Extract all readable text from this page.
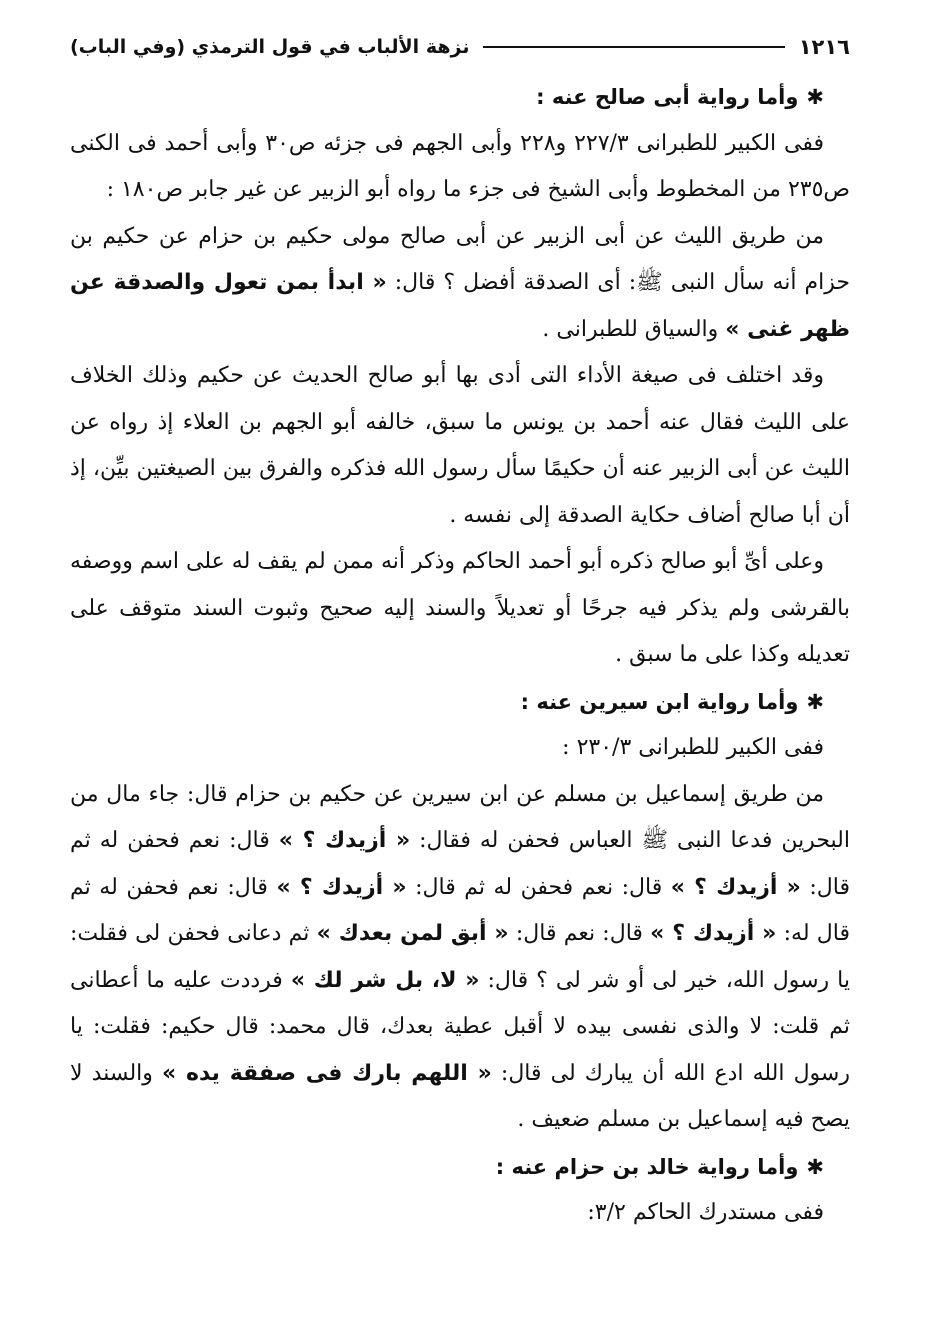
١٢١٦
نزهة الألباب في قول الترمذي (وفي الباب)

✱وأما رواية أبى صالح عنه :

ففى الكبير للطبرانى ٢٢٧/٣ و٢٢٨ وأبى الجهم فى جزئه ص٣٠ وأبى أحمد فى الكنى ص٢٣٥ من المخطوط وأبى الشيخ فى جزء ما رواه أبو الزبير عن غير جابر ص١٨٠ :

من طريق الليث عن أبى الزبير عن أبى صالح مولى حكيم بن حزام عن حكيم بن حزام أنه سأل النبى ﷺ: أى الصدقة أفضل ؟ قال: « ابدأ بمن تعول والصدقة عن ظهر غنى » والسياق للطبرانى .

وقد اختلف فى صيغة الأداء التى أدى بها أبو صالح الحديث عن حكيم وذلك الخلاف على الليث فقال عنه أحمد بن يونس ما سبق، خالفه أبو الجهم بن العلاء إذ رواه عن الليث عن أبى الزبير عنه أن حكيمًا سأل رسول الله فذكره والفرق بين الصيغتين بيِّن، إذ أن أبا صالح أضاف حكاية الصدقة إلى نفسه .

وعلى أىِّ أبو صالح ذكره أبو أحمد الحاكم وذكر أنه ممن لم يقف له على اسم ووصفه بالقرشى ولم يذكر فيه جرحًا أو تعديلاً والسند إليه صحيح وثبوت السند متوقف على تعديله وكذا على ما سبق .

✱وأما رواية ابن سيرين عنه :

ففى الكبير للطبرانى ٢٣٠/٣ :

من طريق إسماعيل بن مسلم عن ابن سيرين عن حكيم بن حزام قال: جاء مال من البحرين فدعا النبى ﷺ العباس فحفن له فقال: « أزيدك ؟ » قال: نعم فحفن له ثم قال: « أزيدك ؟ » قال: نعم فحفن له ثم قال: « أزيدك ؟ » قال: نعم فحفن له ثم قال له: « أزيدك ؟ » قال: نعم قال: « أبق لمن بعدك » ثم دعانى فحفن لى فقلت: يا رسول الله، خير لى أو شر لى ؟ قال: « لا، بل شر لك » فرددت عليه ما أعطانى ثم قلت: لا والذى نفسى بيده لا أقبل عطية بعدك، قال محمد: قال حكيم: فقلت: يا رسول الله ادع الله أن يبارك لى قال: « اللهم بارك فى صفقة يده » والسند لا يصح فيه إسماعيل بن مسلم ضعيف .

✱وأما رواية خالد بن حزام عنه :

ففى مستدرك الحاكم ٣/٢:
